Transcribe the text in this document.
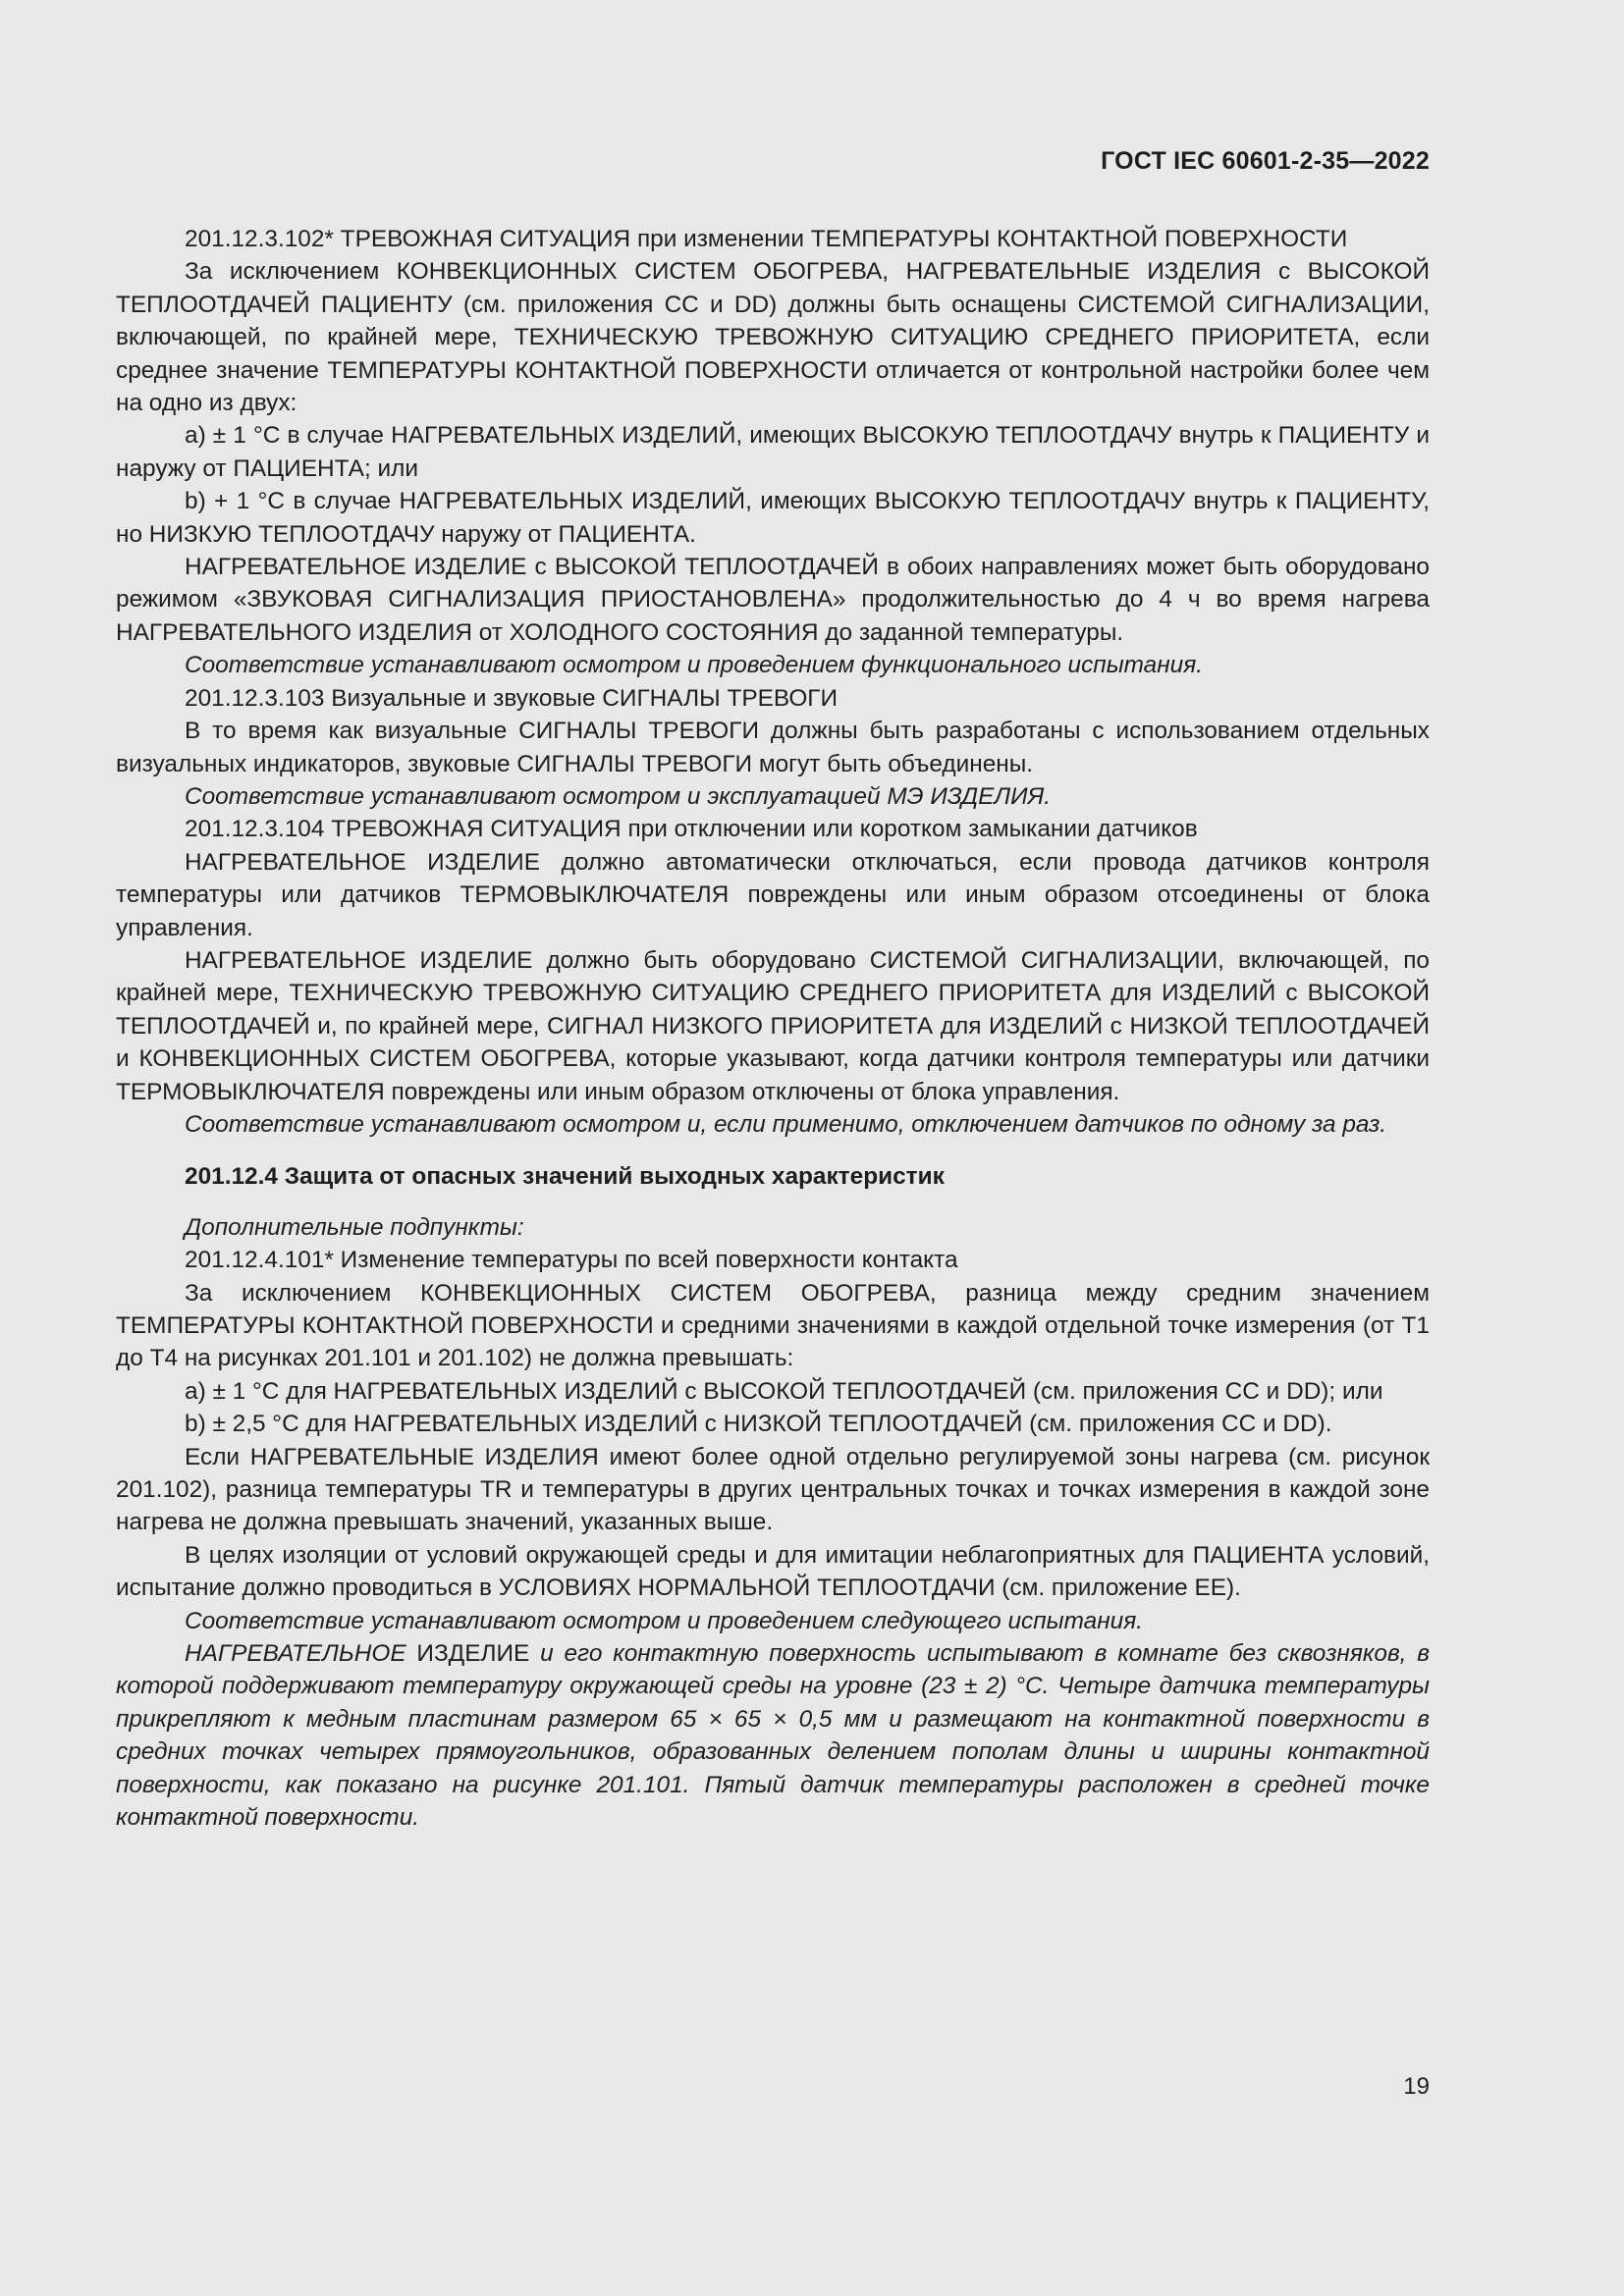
ГОСТ IEC 60601-2-35—2022

201.12.3.102* ТРЕВОЖНАЯ СИТУАЦИЯ при изменении ТЕМПЕРАТУРЫ КОНТАКТНОЙ ПОВЕРХНОСТИ

За исключением КОНВЕКЦИОННЫХ СИСТЕМ ОБОГРЕВА, НАГРЕВАТЕЛЬНЫЕ ИЗДЕЛИЯ с ВЫСОКОЙ ТЕПЛООТДАЧЕЙ ПАЦИЕНТУ (см. приложения CC и DD) должны быть оснащены СИСТЕМОЙ СИГНАЛИЗАЦИИ, включающей, по крайней мере, ТЕХНИЧЕСКУЮ ТРЕВОЖНУЮ СИТУАЦИЮ СРЕДНЕГО ПРИОРИТЕТА, если среднее значение ТЕМПЕРАТУРЫ КОНТАКТНОЙ ПОВЕРХНОСТИ отличается от контрольной настройки более чем на одно из двух:

a) ± 1 °С в случае НАГРЕВАТЕЛЬНЫХ ИЗДЕЛИЙ, имеющих ВЫСОКУЮ ТЕПЛООТДАЧУ внутрь к ПАЦИЕНТУ и наружу от ПАЦИЕНТА; или

b) + 1 °С в случае НАГРЕВАТЕЛЬНЫХ ИЗДЕЛИЙ, имеющих ВЫСОКУЮ ТЕПЛООТДАЧУ внутрь к ПАЦИЕНТУ, но НИЗКУЮ ТЕПЛООТДАЧУ наружу от ПАЦИЕНТА.

НАГРЕВАТЕЛЬНОЕ ИЗДЕЛИЕ с ВЫСОКОЙ ТЕПЛООТДАЧЕЙ в обоих направлениях может быть оборудовано режимом «ЗВУКОВАЯ СИГНАЛИЗАЦИЯ ПРИОСТАНОВЛЕНА» продолжительностью до 4 ч во время нагрева НАГРЕВАТЕЛЬНОГО ИЗДЕЛИЯ от ХОЛОДНОГО СОСТОЯНИЯ до заданной температуры.

Соответствие устанавливают осмотром и проведением функционального испытания.

201.12.3.103 Визуальные и звуковые СИГНАЛЫ ТРЕВОГИ

В то время как визуальные СИГНАЛЫ ТРЕВОГИ должны быть разработаны с использованием отдельных визуальных индикаторов, звуковые СИГНАЛЫ ТРЕВОГИ могут быть объединены.

Соответствие устанавливают осмотром и эксплуатацией МЭ ИЗДЕЛИЯ.

201.12.3.104 ТРЕВОЖНАЯ СИТУАЦИЯ при отключении или коротком замыкании датчиков

НАГРЕВАТЕЛЬНОЕ ИЗДЕЛИЕ должно автоматически отключаться, если провода датчиков контроля температуры или датчиков ТЕРМОВЫКЛЮЧАТЕЛЯ повреждены или иным образом отсоединены от блока управления.

НАГРЕВАТЕЛЬНОЕ ИЗДЕЛИЕ должно быть оборудовано СИСТЕМОЙ СИГНАЛИЗАЦИИ, включающей, по крайней мере, ТЕХНИЧЕСКУЮ ТРЕВОЖНУЮ СИТУАЦИЮ СРЕДНЕГО ПРИОРИТЕТА для ИЗДЕЛИЙ с ВЫСОКОЙ ТЕПЛООТДАЧЕЙ и, по крайней мере, СИГНАЛ НИЗКОГО ПРИОРИТЕТА для ИЗДЕЛИЙ с НИЗКОЙ ТЕПЛООТДАЧЕЙ и КОНВЕКЦИОННЫХ СИСТЕМ ОБОГРЕВА, которые указывают, когда датчики контроля температуры или датчики ТЕРМОВЫКЛЮЧАТЕЛЯ повреждены или иным образом отключены от блока управления.

Соответствие устанавливают осмотром и, если применимо, отключением датчиков по одному за раз.

201.12.4 Защита от опасных значений выходных характеристик

Дополнительные подпункты:

201.12.4.101* Изменение температуры по всей поверхности контакта

За исключением КОНВЕКЦИОННЫХ СИСТЕМ ОБОГРЕВА, разница между средним значением ТЕМПЕРАТУРЫ КОНТАКТНОЙ ПОВЕРХНОСТИ и средними значениями в каждой отдельной точке измерения (от T1 до T4 на рисунках 201.101 и 201.102) не должна превышать:

a) ± 1 °С для НАГРЕВАТЕЛЬНЫХ ИЗДЕЛИЙ с ВЫСОКОЙ ТЕПЛООТДАЧЕЙ (см. приложения CC и DD); или

b) ± 2,5 °С для НАГРЕВАТЕЛЬНЫХ ИЗДЕЛИЙ с НИЗКОЙ ТЕПЛООТДАЧЕЙ (см. приложения CC и DD).

Если НАГРЕВАТЕЛЬНЫЕ ИЗДЕЛИЯ имеют более одной отдельно регулируемой зоны нагрева (см. рисунок 201.102), разница температуры TR и температуры в других центральных точках и точках измерения в каждой зоне нагрева не должна превышать значений, указанных выше.

В целях изоляции от условий окружающей среды и для имитации неблагоприятных для ПАЦИЕНТА условий, испытание должно проводиться в УСЛОВИЯХ НОРМАЛЬНОЙ ТЕПЛООТДАЧИ (см. приложение ЕЕ).

Соответствие устанавливают осмотром и проведением следующего испытания.

НАГРЕВАТЕЛЬНОЕ ИЗДЕЛИЕ и его контактную поверхность испытывают в комнате без сквозняков, в которой поддерживают температуру окружающей среды на уровне (23 ± 2) °С. Четыре датчика температуры прикрепляют к медным пластинам размером 65 × 65 × 0,5 мм и размещают на контактной поверхности в средних точках четырех прямоугольников, образованных делением пополам длины и ширины контактной поверхности, как показано на рисунке 201.101. Пятый датчик температуры расположен в средней точке контактной поверхности.

19
